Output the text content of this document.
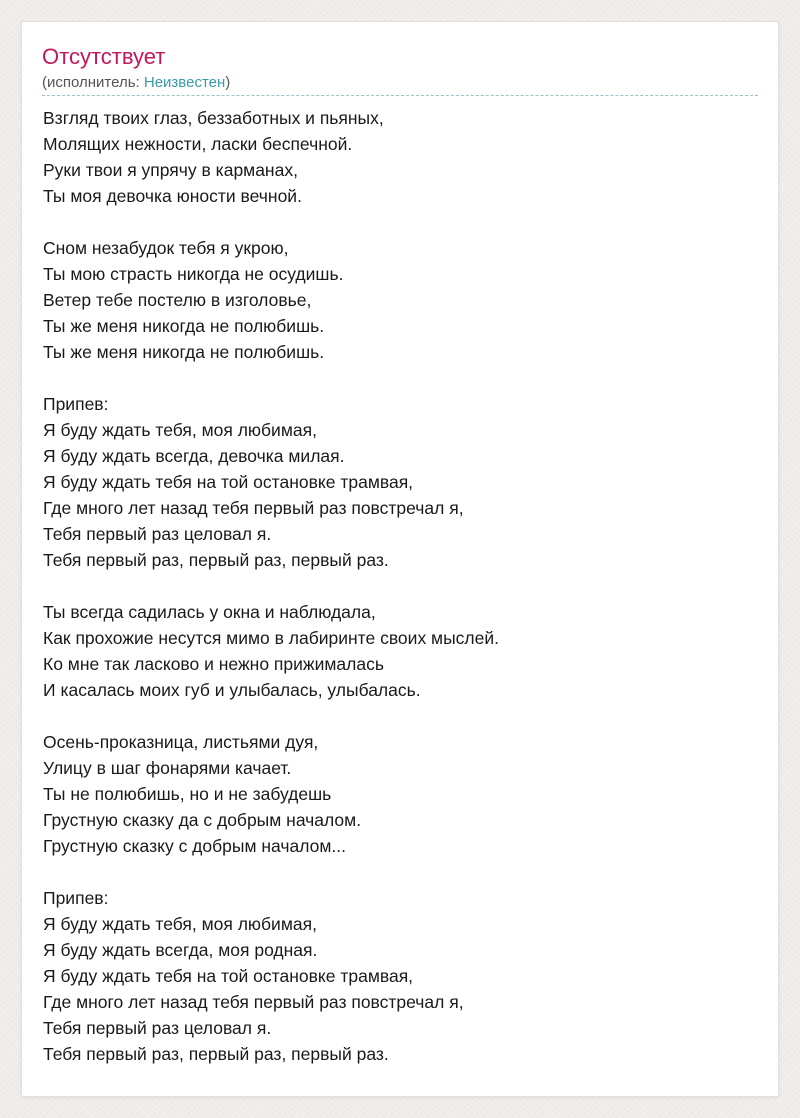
Отсутствует
(исполнитель: Неизвестен)
Взгляд твоих глаз, беззаботных и пьяных,
Молящих нежности, ласки беспечной.
Руки твои я упрячу в карманах,
Ты моя девочка юности вечной.
Сном незабудок тебя я укрою,
Ты мою страсть никогда не осудишь.
Ветер тебе постелю в изголовье,
Ты же меня никогда не полюбишь.
Ты же меня никогда не полюбишь.
Припев:
Я буду ждать тебя, моя любимая,
Я буду ждать всегда, девочка милая.
Я буду ждать тебя на той остановке трамвая,
Где много лет назад тебя первый раз повстречал я,
Тебя первый раз целовал я.
Тебя первый раз, первый раз, первый раз.
Ты всегда садилась у окна и наблюдала,
Как прохожие несутся мимо в лабиринте своих мыслей.
Ко мне так ласково и нежно прижималась
И касалась моих губ и улыбалась, улыбалась.
Осень-проказница, листьями дуя,
Улицу в шаг фонарями качает.
Ты не полюбишь, но и не забудешь
Грустную сказку да с добрым началом.
Грустную сказку с добрым началом...
Припев:
Я буду ждать тебя, моя любимая,
Я буду ждать всегда, моя родная.
Я буду ждать тебя на той остановке трамвая,
Где много лет назад тебя первый раз повстречал я,
Тебя первый раз целовал я.
Тебя первый раз, первый раз, первый раз.
